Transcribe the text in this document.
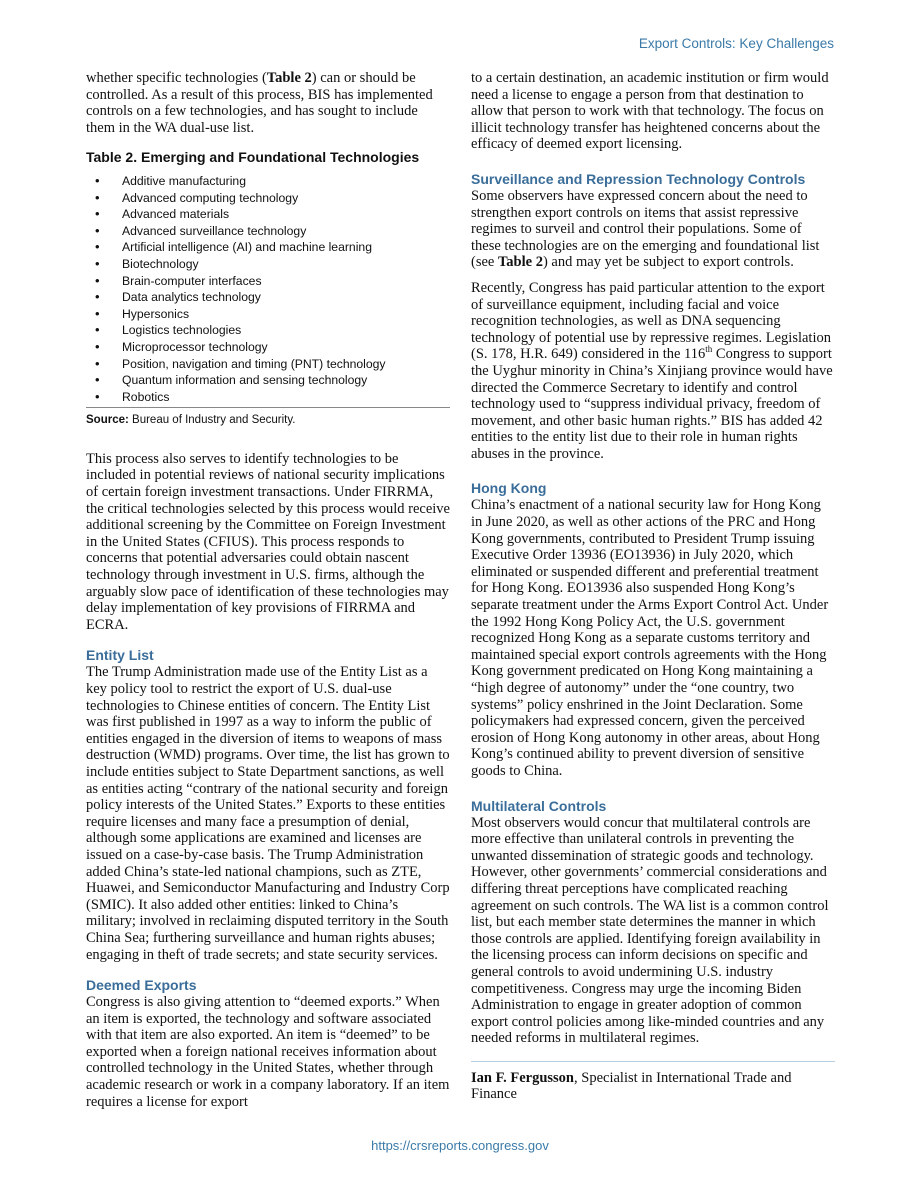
Export Controls: Key Challenges

whether specific technologies (Table 2) can or should be controlled. As a result of this process, BIS has implemented controls on a few technologies, and has sought to include them in the WA dual-use list.

Table 2. Emerging and Foundational Technologies
• Additive manufacturing
• Advanced computing technology
• Advanced materials
• Advanced surveillance technology
• Artificial intelligence (AI) and machine learning
• Biotechnology
• Brain-computer interfaces
• Data analytics technology
• Hypersonics
• Logistics technologies
• Microprocessor technology
• Position, navigation and timing (PNT) technology
• Quantum information and sensing technology
• Robotics
Source: Bureau of Industry and Security.

This process also serves to identify technologies to be included in potential reviews of national security implications of certain foreign investment transactions. Under FIRRMA, the critical technologies selected by this process would receive additional screening by the Committee on Foreign Investment in the United States (CFIUS). This process responds to concerns that potential adversaries could obtain nascent technology through investment in U.S. firms, although the arguably slow pace of identification of these technologies may delay implementation of key provisions of FIRRMA and ECRA.

Entity List

The Trump Administration made use of the Entity List as a key policy tool to restrict the export of U.S. dual-use technologies to Chinese entities of concern. The Entity List was first published in 1997 as a way to inform the public of entities engaged in the diversion of items to weapons of mass destruction (WMD) programs. Over time, the list has grown to include entities subject to State Department sanctions, as well as entities acting “contrary of the national security and foreign policy interests of the United States.” Exports to these entities require licenses and many face a presumption of denial, although some applications are examined and licenses are issued on a case-by-case basis. The Trump Administration added China’s state-led national champions, such as ZTE, Huawei, and Semiconductor Manufacturing and Industry Corp (SMIC). It also added other entities: linked to China’s military; involved in reclaiming disputed territory in the South China Sea; furthering surveillance and human rights abuses; engaging in theft of trade secrets; and state security services.

Deemed Exports

Congress is also giving attention to “deemed exports.” When an item is exported, the technology and software associated with that item are also exported. An item is “deemed” to be exported when a foreign national receives information about controlled technology in the United States, whether through academic research or work in a company laboratory. If an item requires a license for export

to a certain destination, an academic institution or firm would need a license to engage a person from that destination to allow that person to work with that technology. The focus on illicit technology transfer has heightened concerns about the efficacy of deemed export licensing.

Surveillance and Repression Technology Controls

Some observers have expressed concern about the need to strengthen export controls on items that assist repressive regimes to surveil and control their populations. Some of these technologies are on the emerging and foundational list (see Table 2) and may yet be subject to export controls.

Recently, Congress has paid particular attention to the export of surveillance equipment, including facial and voice recognition technologies, as well as DNA sequencing technology of potential use by repressive regimes. Legislation (S. 178, H.R. 649) considered in the 116th Congress to support the Uyghur minority in China’s Xinjiang province would have directed the Commerce Secretary to identify and control technology used to “suppress individual privacy, freedom of movement, and other basic human rights.” BIS has added 42 entities to the entity list due to their role in human rights abuses in the province.

Hong Kong

China’s enactment of a national security law for Hong Kong in June 2020, as well as other actions of the PRC and Hong Kong governments, contributed to President Trump issuing Executive Order 13936 (EO13936) in July 2020, which eliminated or suspended different and preferential treatment for Hong Kong. EO13936 also suspended Hong Kong’s separate treatment under the Arms Export Control Act. Under the 1992 Hong Kong Policy Act, the U.S. government recognized Hong Kong as a separate customs territory and maintained special export controls agreements with the Hong Kong government predicated on Hong Kong maintaining a “high degree of autonomy” under the “one country, two systems” policy enshrined in the Joint Declaration. Some policymakers had expressed concern, given the perceived erosion of Hong Kong autonomy in other areas, about Hong Kong’s continued ability to prevent diversion of sensitive goods to China.

Multilateral Controls

Most observers would concur that multilateral controls are more effective than unilateral controls in preventing the unwanted dissemination of strategic goods and technology. However, other governments’ commercial considerations and differing threat perceptions have complicated reaching agreement on such controls. The WA list is a common control list, but each member state determines the manner in which those controls are applied. Identifying foreign availability in the licensing process can inform decisions on specific and general controls to avoid undermining U.S. industry competitiveness. Congress may urge the incoming Biden Administration to engage in greater adoption of common export control policies among like-minded countries and any needed reforms in multilateral regimes.

Ian F. Fergusson, Specialist in International Trade and Finance
https://crsreports.congress.gov
